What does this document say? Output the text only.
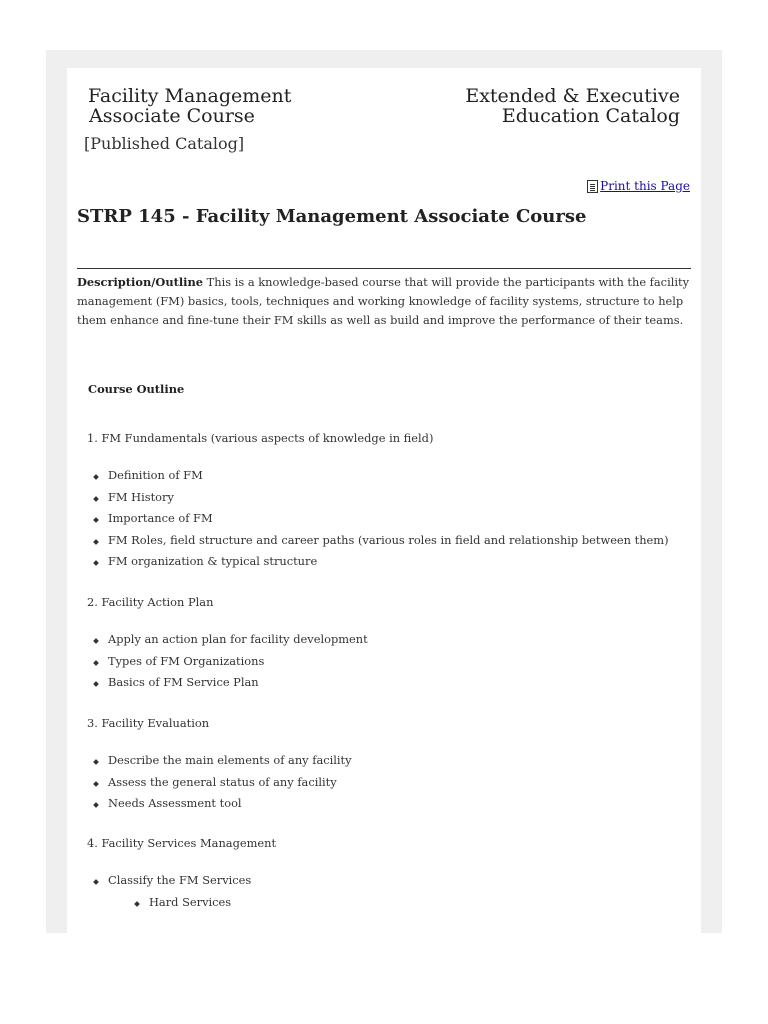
Facility Management
Associate Course
Extended & Executive
Education Catalog
[Published Catalog]
Print this Page
STRP 145 - Facility Management Associate Course
Description/Outline This is a knowledge-based course that will provide the participants with the facility management (FM) basics, tools, techniques and working knowledge of facility systems, structure to help them enhance and fine-tune their FM skills as well as build and improve the performance of their teams.
Course Outline
1. FM Fundamentals (various aspects of knowledge in field)
Definition of FM
FM History
Importance of FM
FM Roles, field structure and career paths (various roles in field and relationship between them)
FM organization & typical structure
2. Facility Action Plan
Apply an action plan for facility development
Types of FM Organizations
Basics of FM Service Plan
3. Facility Evaluation
Describe the main elements of any facility
Assess the general status of any facility
Needs Assessment tool
4. Facility Services Management
Classify the FM Services
Hard Services
